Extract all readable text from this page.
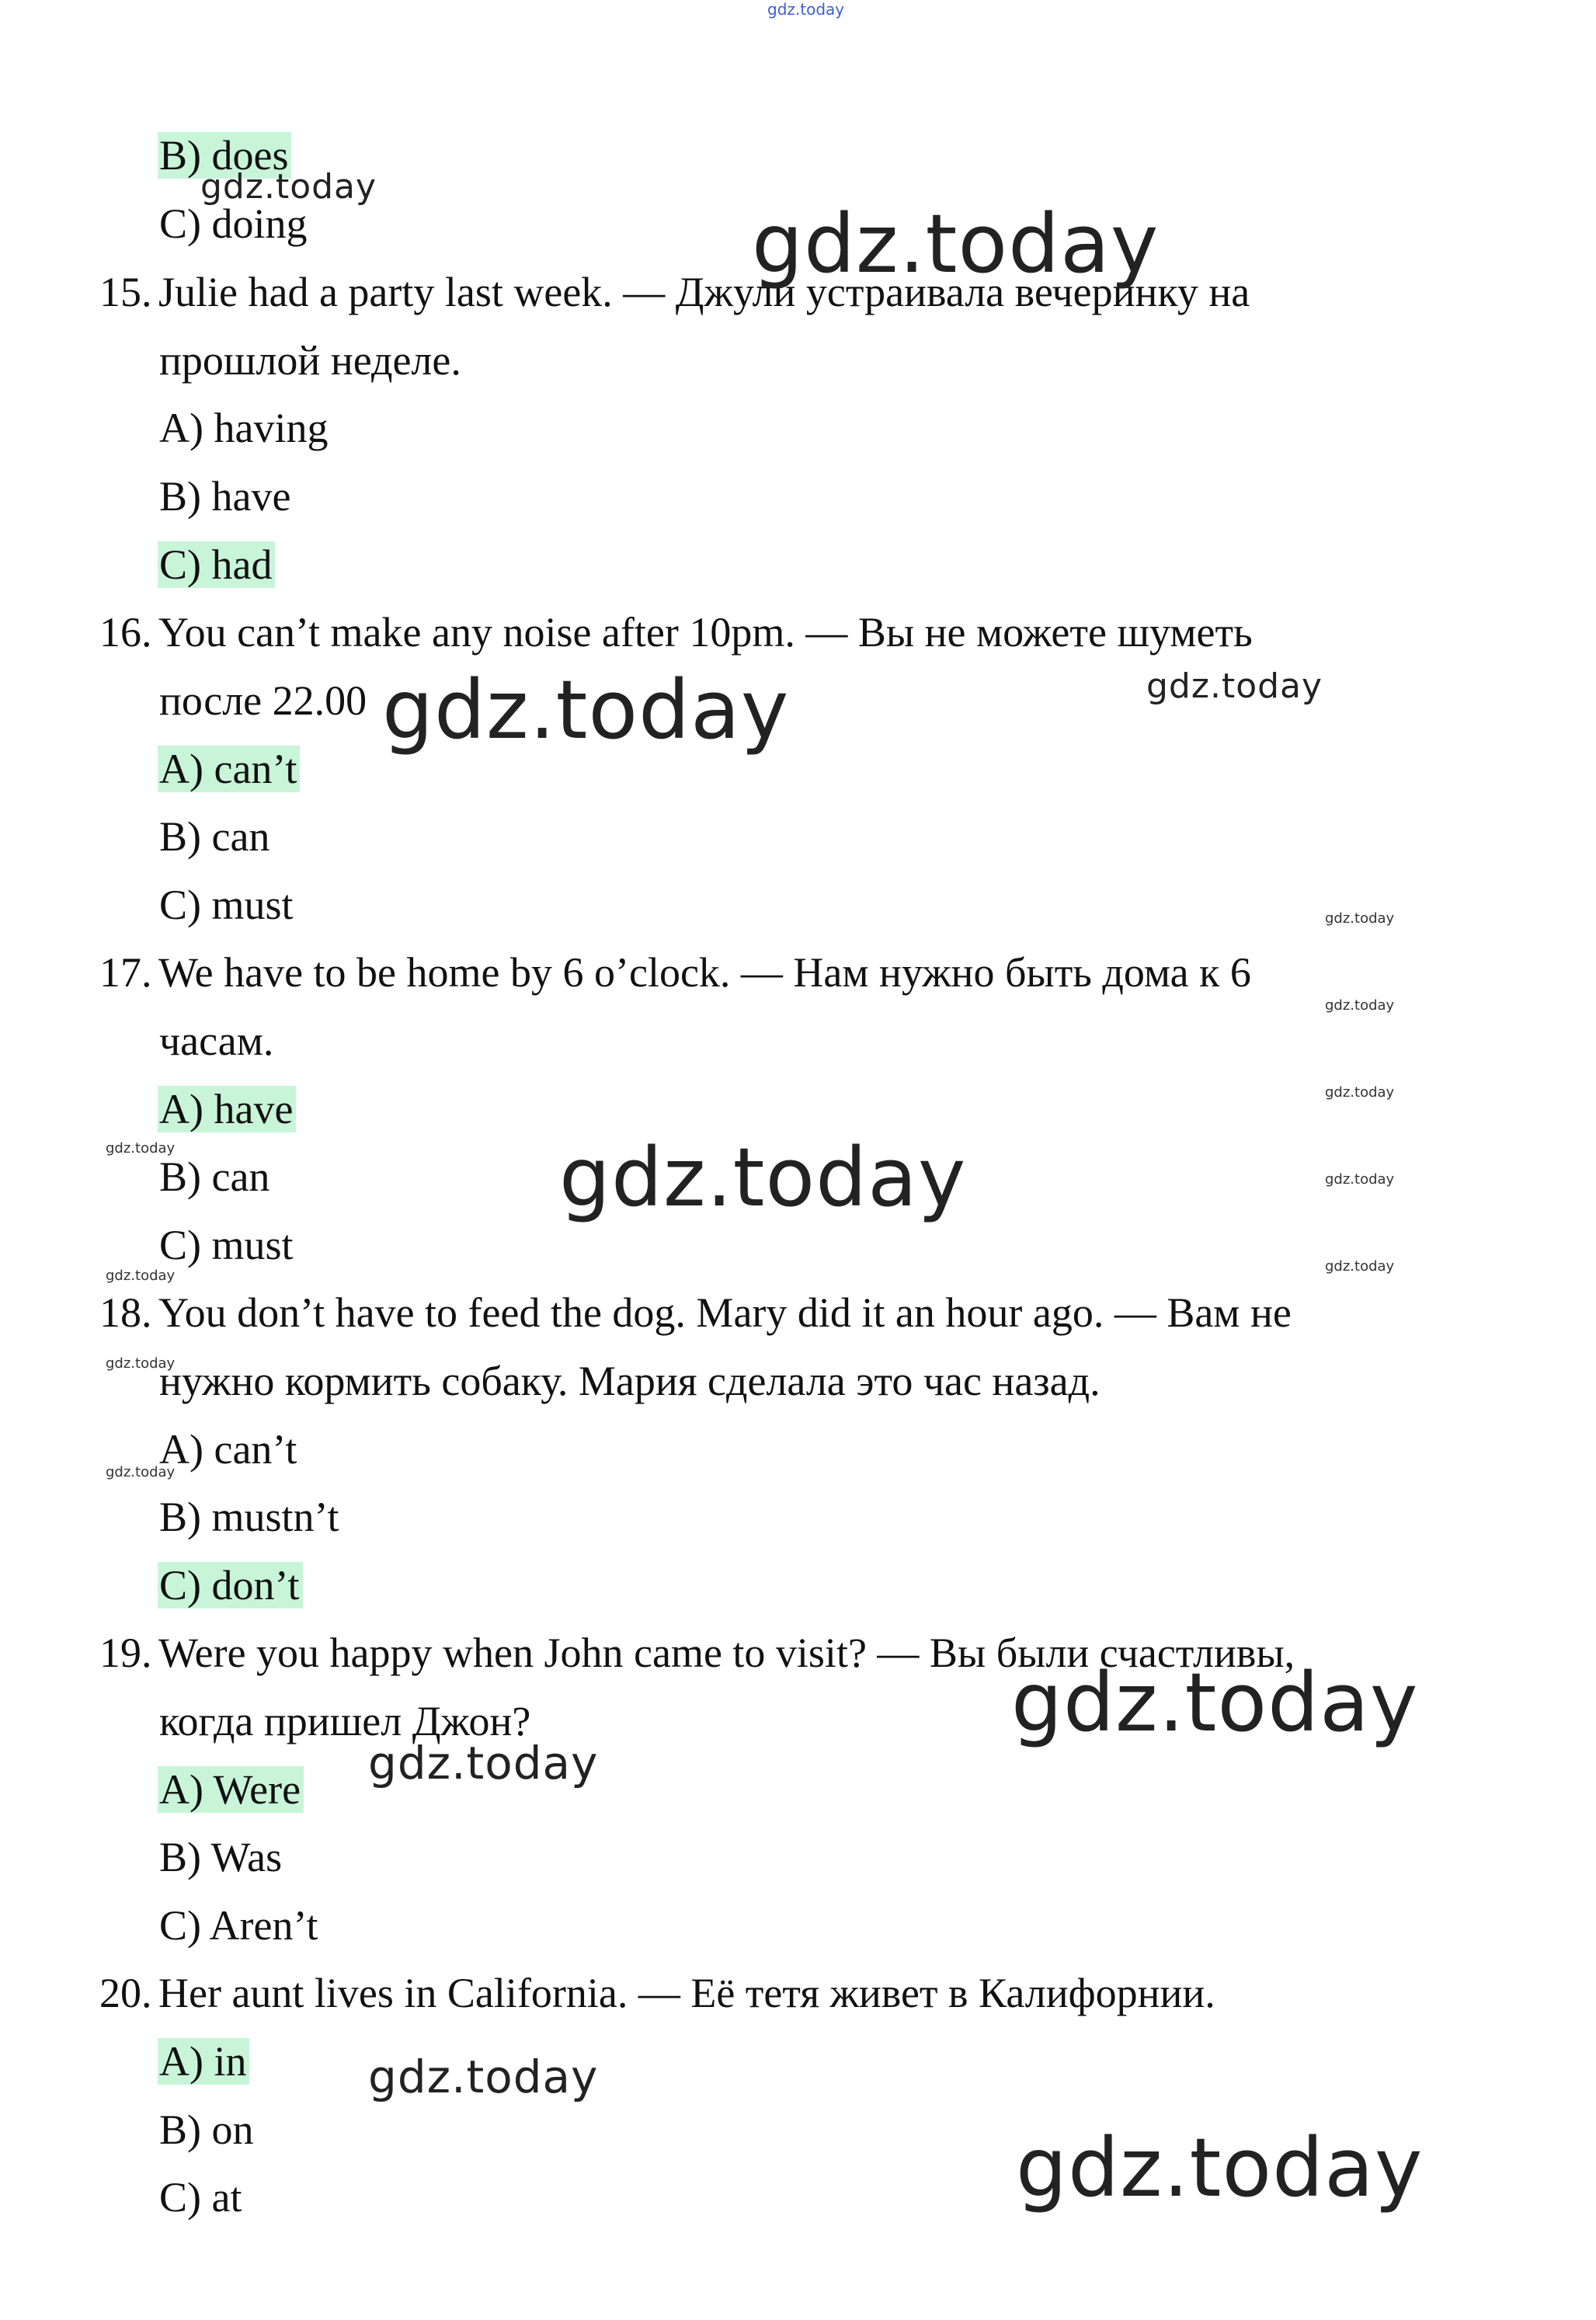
gdz.today
B) does
C) doing
15. Julie had a party last week. — Джули устраивала вечеринку на
прошлой неделе.
A) having
B) have
C) had
16. You can’t make any noise after 10pm. — Вы не можете шуметь
после 22.00
A) can’t
B) can
C) must
17. We have to be home by 6 o’clock. — Нам нужно быть дома к 6
часам.
A) have
B) can
C) must
18. You don’t have to feed the dog. Mary did it an hour ago. — Вам не
нужно кормить собаку. Мария сделала это час назад.
A) can’t
B) mustn’t
C) don’t
19. Were you happy when John came to visit? — Вы были счастливы,
когда пришел Джон?
A) Were
B) Was
C) Aren’t
20. Her aunt lives in California. — Её тетя живет в Калифорнии.
A) in
B) on
C) at
gdz.today
gdz.today
gdz.today	gdz.today
gdz.today
gdz.today
gdz.today
gdz.today
gdz.today
gdz.today
gdz.today
gdz.today
gdz.today
gdz.today
gdz.today
gdz.today
gdz.today
gdz.today
